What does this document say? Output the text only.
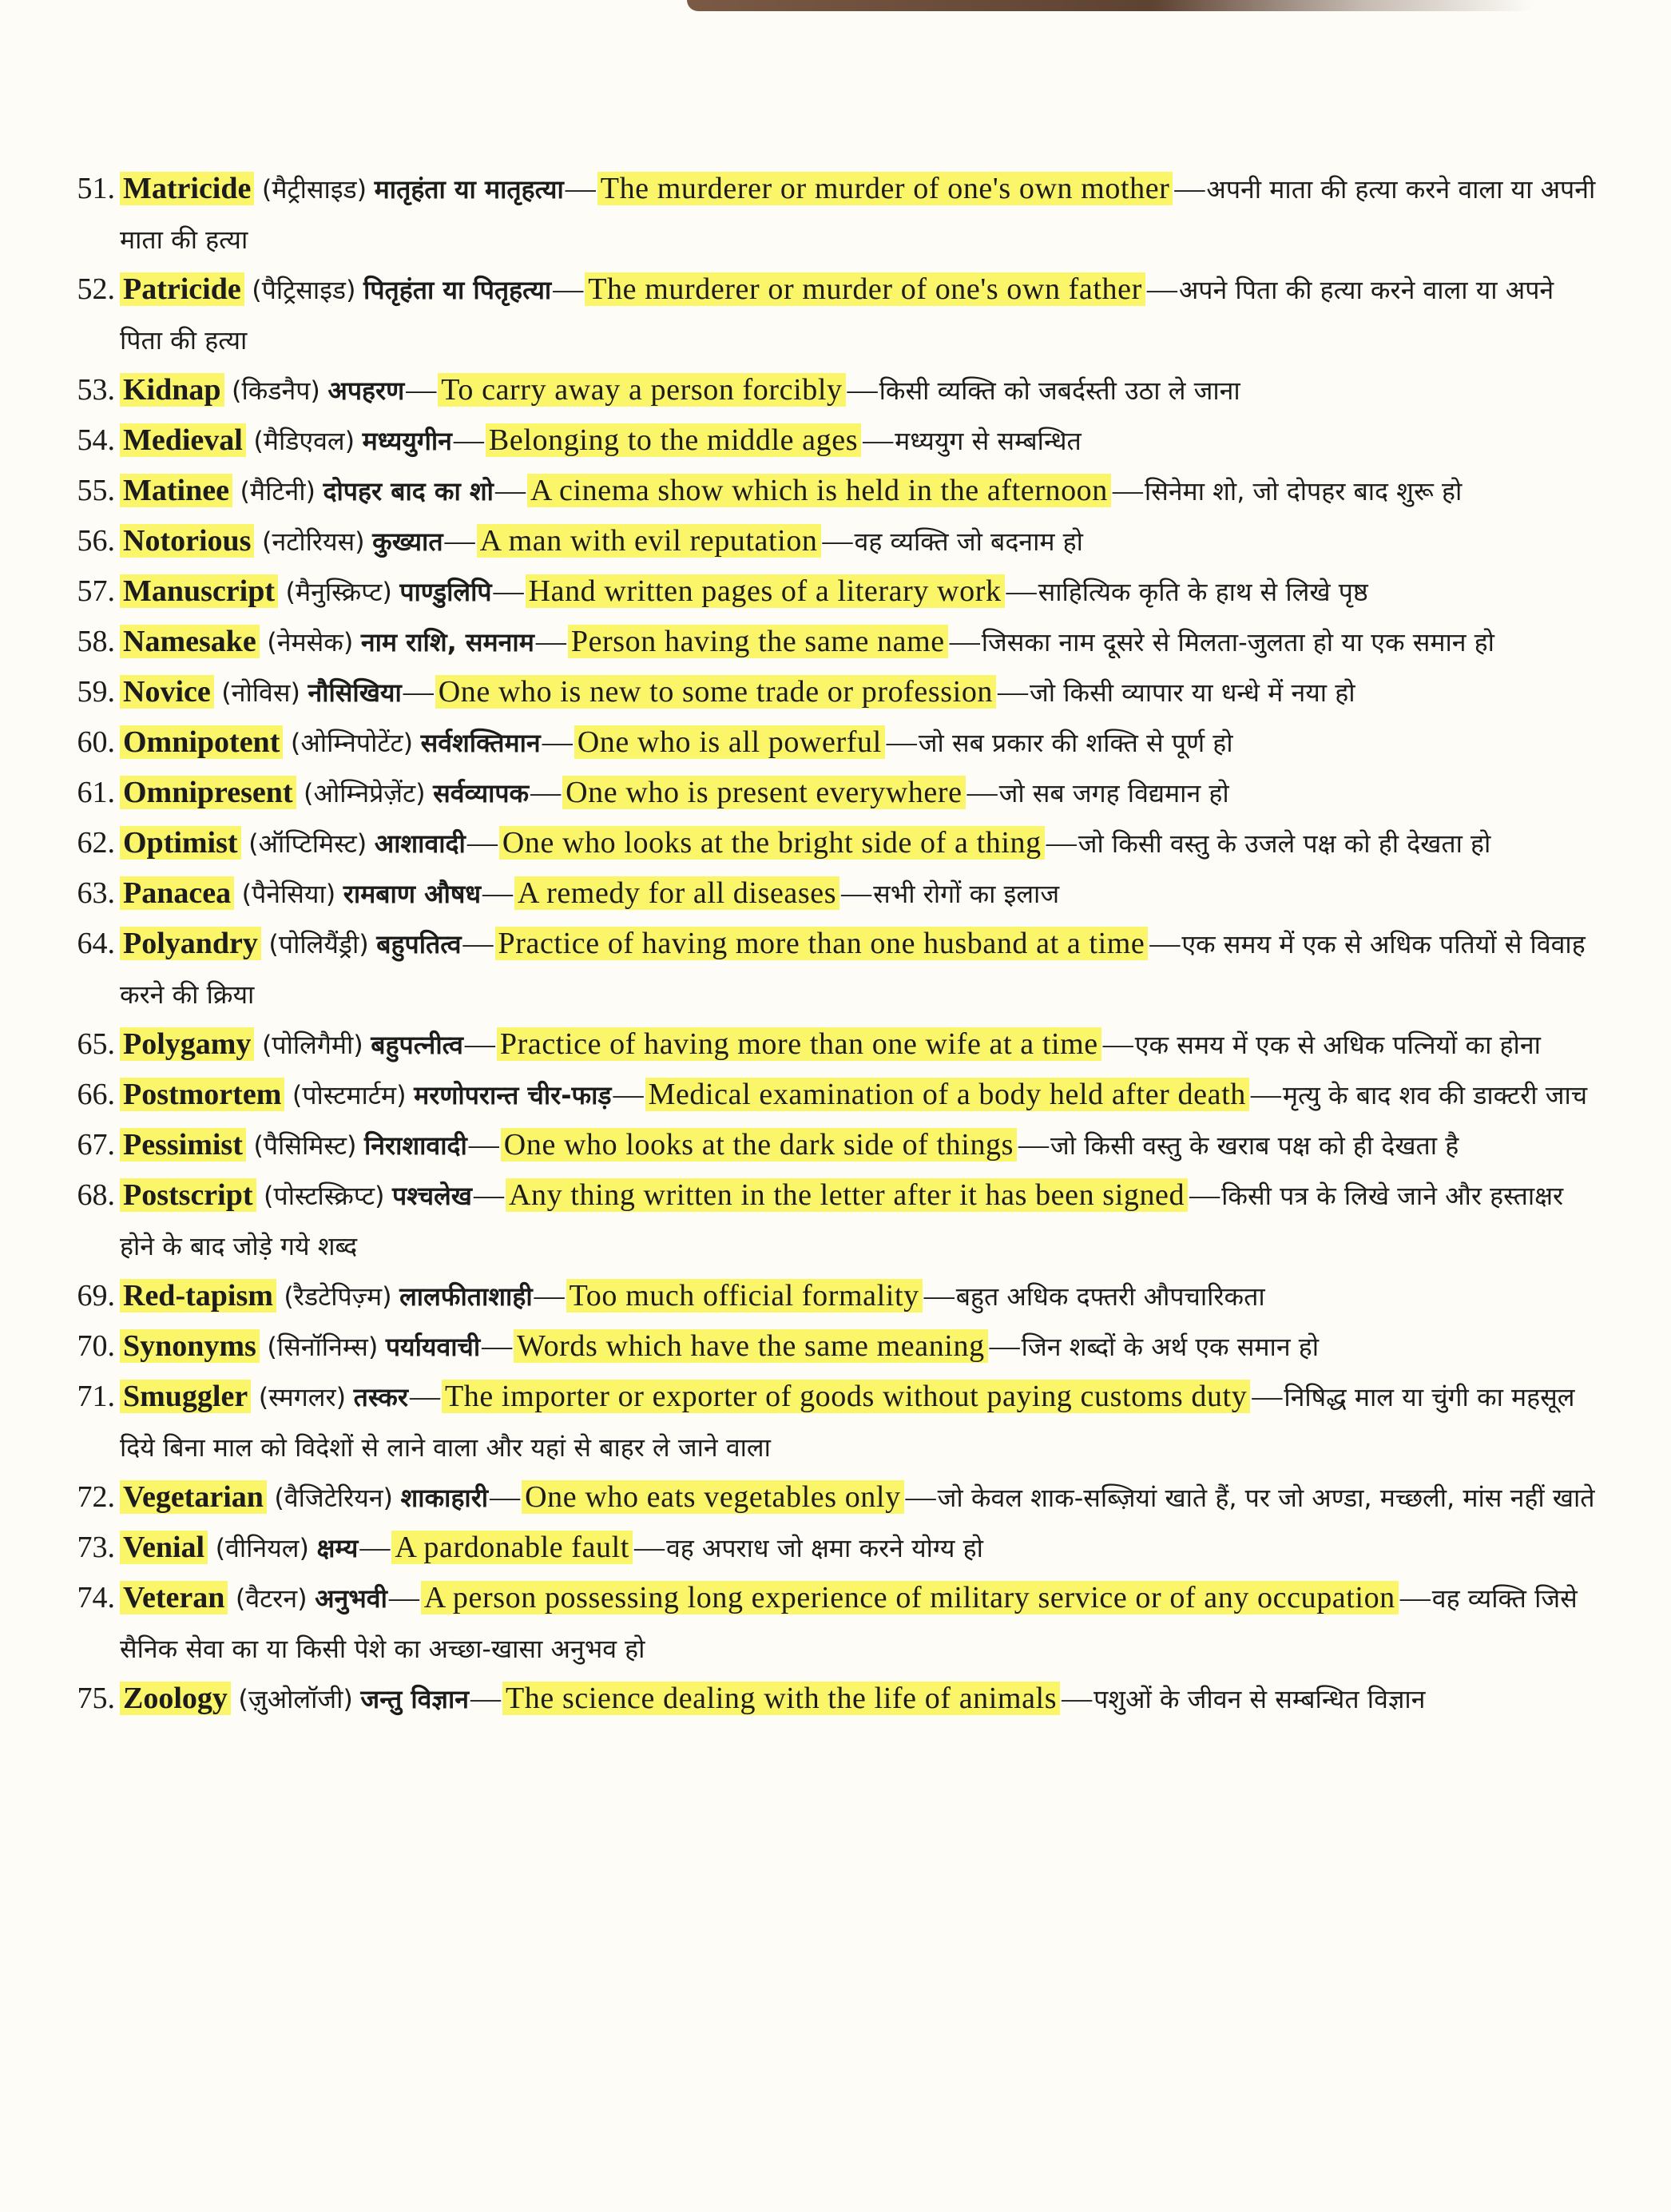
51. Matricide (मैट्रीसाइड) मातृहंता या मातृहत्या— The murderer or murder of one's own mother —अपनी माता की हत्या करने वाला या अपनी माता की हत्या
52. Patricide (पैट्रिसाइड) पितृहंता या पितृहत्या— The murderer or murder of one's own father —अपने पिता की हत्या करने वाला या अपने पिता की हत्या
53. Kidnap (किडनैप) अपहरण— To carry away a person forcibly —किसी व्यक्ति को जबर्दस्ती उठा ले जाना
54. Medieval (मैडिएवल) मध्ययुगीन— Belonging to the middle ages —मध्ययुग से सम्बन्धित
55. Matinee (मैटिनी) दोपहर बाद का शो— A cinema show which is held in the afternoon —सिनेमा शो, जो दोपहर बाद शुरू हो
56. Notorious (नटोरियस) कुख्यात— A man with evil reputation —वह व्यक्ति जो बदनाम हो
57. Manuscript (मैनुस्क्रिप्ट) पाण्डुलिपि— Hand written pages of a literary work —साहित्यिक कृति के हाथ से लिखे पृष्ठ
58. Namesake (नेमसेक) नाम राशि, समनाम— Person having the same name —जिसका नाम दूसरे से मिलता-जुलता हो या एक समान हो
59. Novice (नोविस) नौसिखिया— One who is new to some trade or profession —जो किसी व्यापार या धन्धे में नया हो
60. Omnipotent (ओम्निपोटेंट) सर्वशक्तिमान— One who is all powerful —जो सब प्रकार की शक्ति से पूर्ण हो
61. Omnipresent (ओम्निप्रेज़ेंट) सर्वव्यापक— One who is present everywhere —जो सब जगह विद्यमान हो
62. Optimist (ऑप्टिमिस्ट) आशावादी— One who looks at the bright side of a thing —जो किसी वस्तु के उजले पक्ष को ही देखता हो
63. Panacea (पैनेसिया) रामबाण औषध— A remedy for all diseases —सभी रोगों का इलाज
64. Polyandry (पोलियैंड्री) बहुपतित्व— Practice of having more than one husband at a time —एक समय में एक से अधिक पतियों से विवाह करने की क्रिया
65. Polygamy (पोलिगैमी) बहुपत्नीत्व— Practice of having more than one wife at a time —एक समय में एक से अधिक पत्नियों का होना
66. Postmortem (पोस्टमार्टम) मरणोपरान्त चीर-फाड़— Medical examination of a body held after death —मृत्यु के बाद शव की डाक्टरी जाच
67. Pessimist (पैसिमिस्ट) निराशावादी— One who looks at the dark side of things —जो किसी वस्तु के खराब पक्ष को ही देखता है
68. Postscript (पोस्टस्क्रिप्ट) पश्चलेख— Any thing written in the letter after it has been signed —किसी पत्र के लिखे जाने और हस्ताक्षर होने के बाद जोड़े गये शब्द
69. Red-tapism (रैडटेपिज़्म) लालफीताशाही— Too much official formality —बहुत अधिक दफ्तरी औपचारिकता
70. Synonyms (सिनॉनिम्स) पर्यायवाची— Words which have the same meaning —जिन शब्दों के अर्थ एक समान हो
71. Smuggler (स्मगलर) तस्कर— The importer or exporter of goods without paying customs duty —निषिद्ध माल या चुंगी का महसूल दिये बिना माल को विदेशों से लाने वाला और यहां से बाहर ले जाने वाला
72. Vegetarian (वैजिटेरियन) शाकाहारी— One who eats vegetables only —जो केवल शाक-सब्ज़ियां खाते हैं, पर जो अण्डा, मच्छली, मांस नहीं खाते
73. Venial (वीनियल) क्षम्य— A pardonable fault —वह अपराध जो क्षमा करने योग्य हो
74. Veteran (वैटरन) अनुभवी— A person possessing long experience of military service or of any occupation —वह व्यक्ति जिसे सैनिक सेवा का या किसी पेशे का अच्छा-खासा अनुभव हो
75. Zoology (ज़ुओलॉजी) जन्तु विज्ञान— The science dealing with the life of animals —पशुओं के जीवन से सम्बन्धित विज्ञान
